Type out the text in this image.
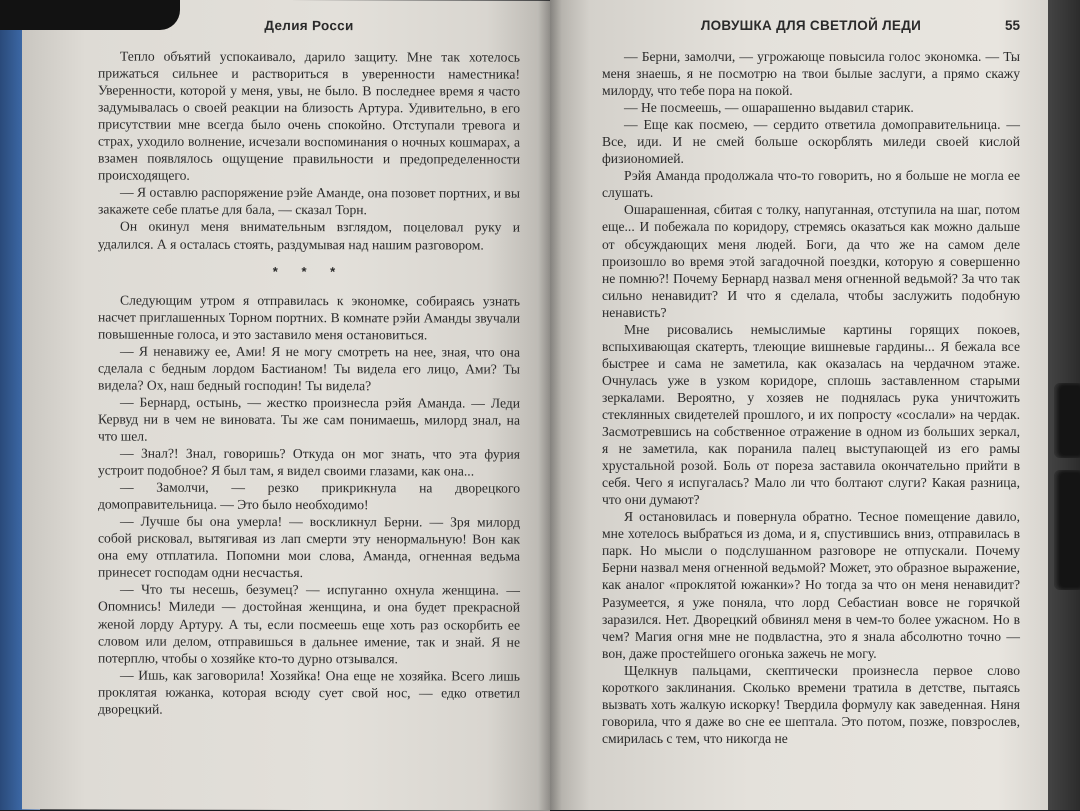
Делия Росси

Тепло объятий успокаивало, дарило защиту. Мне так хотелось прижаться сильнее и раствориться в уверенности наместника! Уверенности, которой у меня, увы, не было. В последнее время я часто задумывалась о своей реакции на близость Артура. Удивительно, в его присутствии мне всегда было очень спокойно. Отступали тревога и страх, уходило волнение, исчезали воспоминания о ночных кошмарах, а взамен появлялось ощущение правильности и предопределенности происходящего.

— Я оставлю распоряжение рэйе Аманде, она позовет портних, и вы закажете себе платье для бала, — сказал Торн.

Он окинул меня внимательным взглядом, поцеловал руку и удалился. А я осталась стоять, раздумывая над нашим разговором.

* * *

Следующим утром я отправилась к экономке, собираясь узнать насчет приглашенных Торном портних. В комнате рэйи Аманды звучали повышенные голоса, и это заставило меня остановиться.

— Я ненавижу ее, Ами! Я не могу смотреть на нее, зная, что она сделала с бедным лордом Бастианом! Ты видела его лицо, Ами? Ты видела? Ох, наш бедный господин! Ты видела?

— Бернард, остынь, — жестко произнесла рэйя Аманда. — Леди Кервуд ни в чем не виновата. Ты же сам понимаешь, милорд знал, на что шел.

— Знал?! Знал, говоришь? Откуда он мог знать, что эта фурия устроит подобное? Я был там, я видел своими глазами, как она...

— Замолчи, — резко прикрикнула на дворецкого домоправительница. — Это было необходимо!

— Лучше бы она умерла! — воскликнул Берни. — Зря милорд собой рисковал, вытягивая из лап смерти эту ненормальную! Вон как она ему отплатила. Попомни мои слова, Аманда, огненная ведьма принесет господам одни несчастья.

— Что ты несешь, безумец? — испуганно охнула женщина. — Опомнись! Миледи — достойная женщина, и она будет прекрасной женой лорду Артуру. А ты, если посмеешь еще хоть раз оскорбить ее словом или делом, отправишься в дальнее имение, так и знай. Я не потерплю, чтобы о хозяйке кто-то дурно отзывался.

— Ишь, как заговорила! Хозяйка! Она еще не хозяйка. Всего лишь проклятая южанка, которая всюду сует свой нос, — едко ответил дворецкий.

ЛОВУШКА ДЛЯ СВЕТЛОЙ ЛЕДИ	55

— Берни, замолчи, — угрожающе повысила голос экономка. — Ты меня знаешь, я не посмотрю на твои былые заслуги, а прямо скажу милорду, что тебе пора на покой.

— Не посмеешь, — ошарашенно выдавил старик.

— Еще как посмею, — сердито ответила домоправительница. — Все, иди. И не смей больше оскорблять миледи своей кислой физиономией.

Рэйя Аманда продолжала что-то говорить, но я больше не могла ее слушать.

Ошарашенная, сбитая с толку, напуганная, отступила на шаг, потом еще... И побежала по коридору, стремясь оказаться как можно дальше от обсуждающих меня людей. Боги, да что же на самом деле произошло во время этой загадочной поездки, которую я совершенно не помню?! Почему Бернард назвал меня огненной ведьмой? За что так сильно ненавидит? И что я сделала, чтобы заслужить подобную ненависть?

Мне рисовались немыслимые картины горящих покоев, вспыхивающая скатерть, тлеющие вишневые гардины... Я бежала все быстрее и сама не заметила, как оказалась на чердачном этаже. Очнулась уже в узком коридоре, сплошь заставленном старыми зеркалами. Вероятно, у хозяев не поднялась рука уничтожить стеклянных свидетелей прошлого, и их попросту «сослали» на чердак. Засмотревшись на собственное отражение в одном из больших зеркал, я не заметила, как поранила палец выступающей из его рамы хрустальной розой. Боль от пореза заставила окончательно прийти в себя. Чего я испугалась? Мало ли что болтают слуги? Какая разница, что они думают?

Я остановилась и повернула обратно. Тесное помещение давило, мне хотелось выбраться из дома, и я, спустившись вниз, отправилась в парк. Но мысли о подслушанном разговоре не отпускали. Почему Берни назвал меня огненной ведьмой? Может, это образное выражение, как аналог «проклятой южанки»? Но тогда за что он меня ненавидит? Разумеется, я уже поняла, что лорд Себастиан вовсе не горячкой заразился. Нет. Дворецкий обвинял меня в чем-то более ужасном. Но в чем? Магия огня мне не подвластна, это я знала абсолютно точно — вон, даже простейшего огонька зажечь не могу.

Щелкнув пальцами, скептически произнесла первое слово короткого заклинания. Сколько времени тратила в детстве, пытаясь вызвать хоть жалкую искорку! Твердила формулу как заведенная. Няня говорила, что я даже во сне ее шептала. Это потом, позже, повзрослев, смирилась с тем, что никогда не
